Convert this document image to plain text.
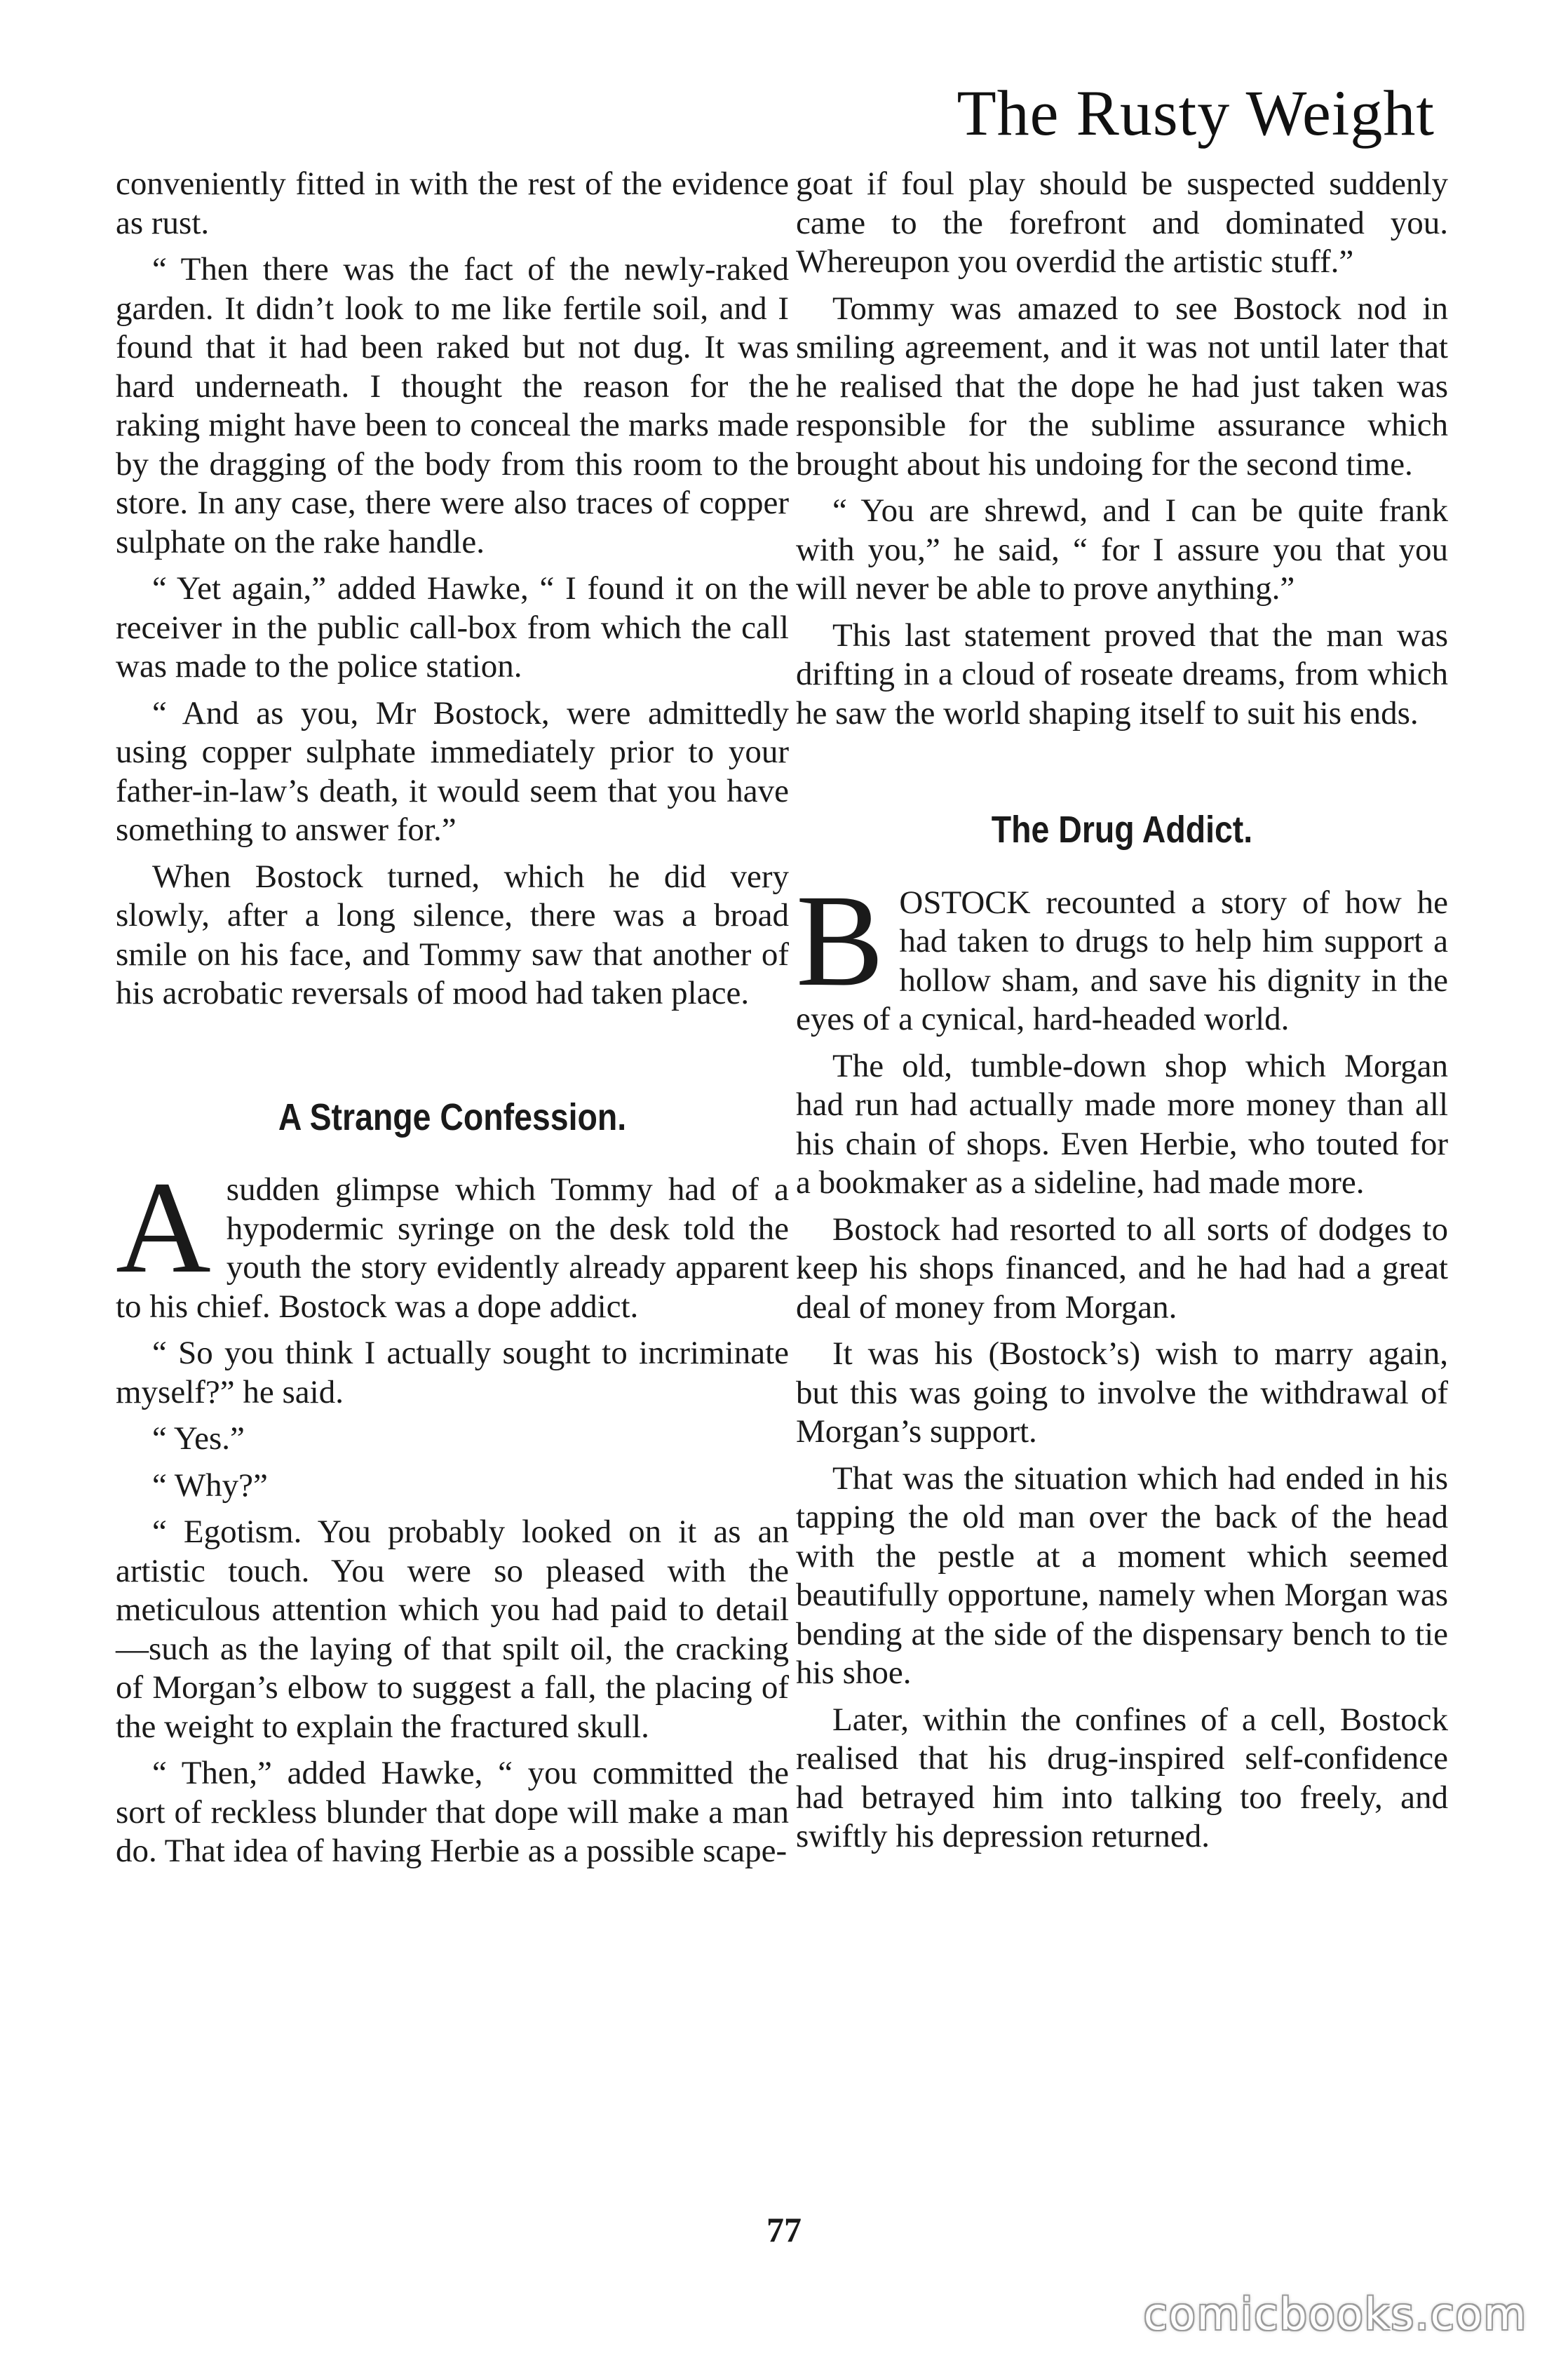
The Rusty Weight

conveniently fitted in with the rest of the evidence as rust.

“ Then there was the fact of the newly-raked garden. It didn’t look to me like fertile soil, and I found that it had been raked but not dug. It was hard underneath. I thought the reason for the raking might have been to conceal the marks made by the dragging of the body from this room to the store. In any case, there were also traces of copper sulphate on the rake handle.

“ Yet again,” added Hawke, “ I found it on the receiver in the public call-box from which the call was made to the police station.

“ And as you, Mr Bostock, were admittedly using copper sulphate immediately prior to your father-in-law’s death, it would seem that you have something to answer for.”

When Bostock turned, which he did very slowly, after a long silence, there was a broad smile on his face, and Tommy saw that another of his acrobatic reversals of mood had taken place.

A Strange Confession.

Asudden glimpse which Tommy had of a hypodermic syringe on the desk told the youth the story evidently already apparent to his chief. Bostock was a dope addict.

“ So you think I actually sought to incriminate myself?” he said.

“ Yes.”

“ Why?”

“ Egotism. You probably looked on it as an artistic touch. You were so pleased with the meticulous attention which you had paid to detail—such as the laying of that spilt oil, the cracking of Morgan’s elbow to suggest a fall, the placing of the weight to explain the fractured skull.

“ Then,” added Hawke, “ you committed the sort of reckless blunder that dope will make a man do. That idea of having Herbie as a possible scape-

goat if foul play should be suspected suddenly came to the forefront and dominated you. Whereupon you overdid the artistic stuff.”

Tommy was amazed to see Bostock nod in smiling agreement, and it was not until later that he realised that the dope he had just taken was responsible for the sublime assurance which brought about his undoing for the second time.

“ You are shrewd, and I can be quite frank with you,” he said, “ for I assure you that you will never be able to prove anything.”

This last statement proved that the man was drifting in a cloud of roseate dreams, from which he saw the world shaping itself to suit his ends.

The Drug Addict.

BOSTOCK recounted a story of how he had taken to drugs to help him support a hollow sham, and save his dignity in the eyes of a cynical, hard-headed world.

The old, tumble-down shop which Morgan had run had actually made more money than all his chain of shops. Even Herbie, who touted for a bookmaker as a sideline, had made more.

Bostock had resorted to all sorts of dodges to keep his shops financed, and he had had a great deal of money from Morgan.

It was his (Bostock’s) wish to marry again, but this was going to involve the withdrawal of Morgan’s support.

That was the situation which had ended in his tapping the old man over the back of the head with the pestle at a moment which seemed beautifully opportune, namely when Morgan was bending at the side of the dispensary bench to tie his shoe.

Later, within the confines of a cell, Bostock realised that his drug-inspired self-confidence had betrayed him into talking too freely, and swiftly his depression returned.

77
comicbooks.com
